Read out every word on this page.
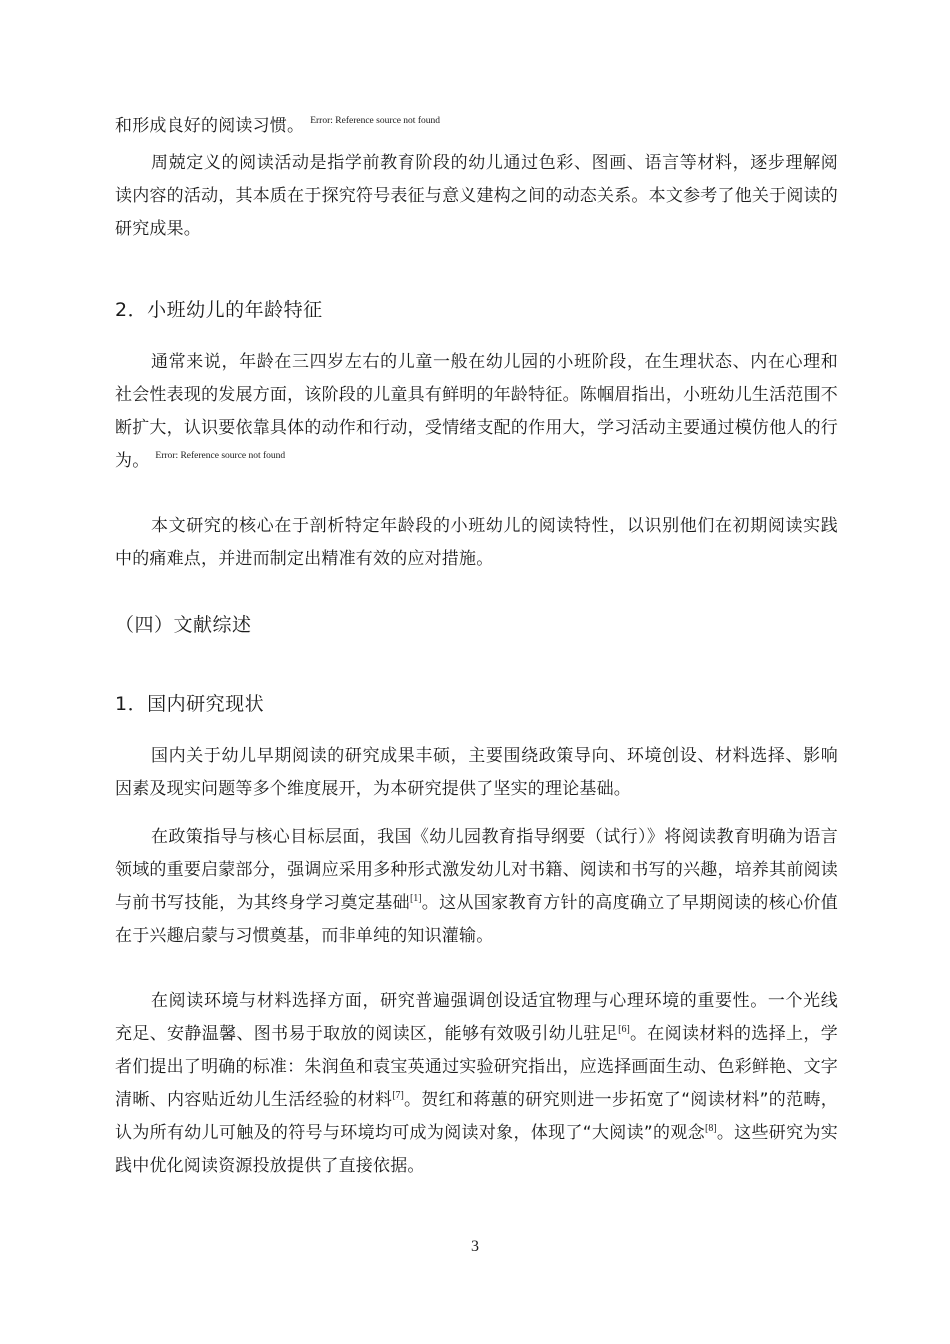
和形成良好的阅读习惯。 $^{Error: Reference source not found}$

周兢定义的阅读活动是指学前教育阶段的幼儿通过色彩、图画、语言等材料，逐步理解阅读内容的活动，其本质在于探究符号表征与意义建构之间的动态关系。本文参考了他关于阅读的研究成果。

2．小班幼儿的年龄特征

通常来说，年龄在三四岁左右的儿童一般在幼儿园的小班阶段，在生理状态、内在心理和社会性表现的发展方面，该阶段的儿童具有鲜明的年龄特征。陈帼眉指出，小班幼儿生活范围不断扩大，认识要依靠具体的动作和行动，受情绪支配的作用大，学习活动主要通过模仿他人的行为。 $^{Error: Reference source not found}$

本文研究的核心在于剖析特定年龄段的小班幼儿的阅读特性，以识别他们在初期阅读实践中的痛难点，并进而制定出精准有效的应对措施。

（四）文献综述
1．国内研究现状

国内关于幼儿早期阅读的研究成果丰硕，主要围绕政策导向、环境创设、材料选择、影响因素及现实问题等多个维度展开，为本研究提供了坚实的理论基础。

在政策指导与核心目标层面，我国《幼儿园教育指导纲要（试行）》将阅读教育明确为语言领域的重要启蒙部分，强调应采用多种形式激发幼儿对书籍、阅读和书写的兴趣，培养其前阅读与前书写技能，为其终身学习奠定基础[1]。这从国家教育方针的高度确立了早期阅读的核心价值在于兴趣启蒙与习惯奠基，而非单纯的知识灌输。

在阅读环境与材料选择方面，研究普遍强调创设适宜物理与心理环境的重要性。一个光线充足、安静温馨、图书易于取放的阅读区，能够有效吸引幼儿驻足[6]。在阅读材料的选择上，学者们提出了明确的标准：朱润鱼和袁宝英通过实验研究指出，应选择画面生动、色彩鲜艳、文字清晰、内容贴近幼儿生活经验的材料[7]。贺红和蒋蕙的研究则进一步拓宽了“阅读材料”的范畴，认为所有幼儿可触及的符号与环境均可成为阅读对象，体现了“大阅读”的观念[8]。这些研究为实践中优化阅读资源投放提供了直接依据。

3
